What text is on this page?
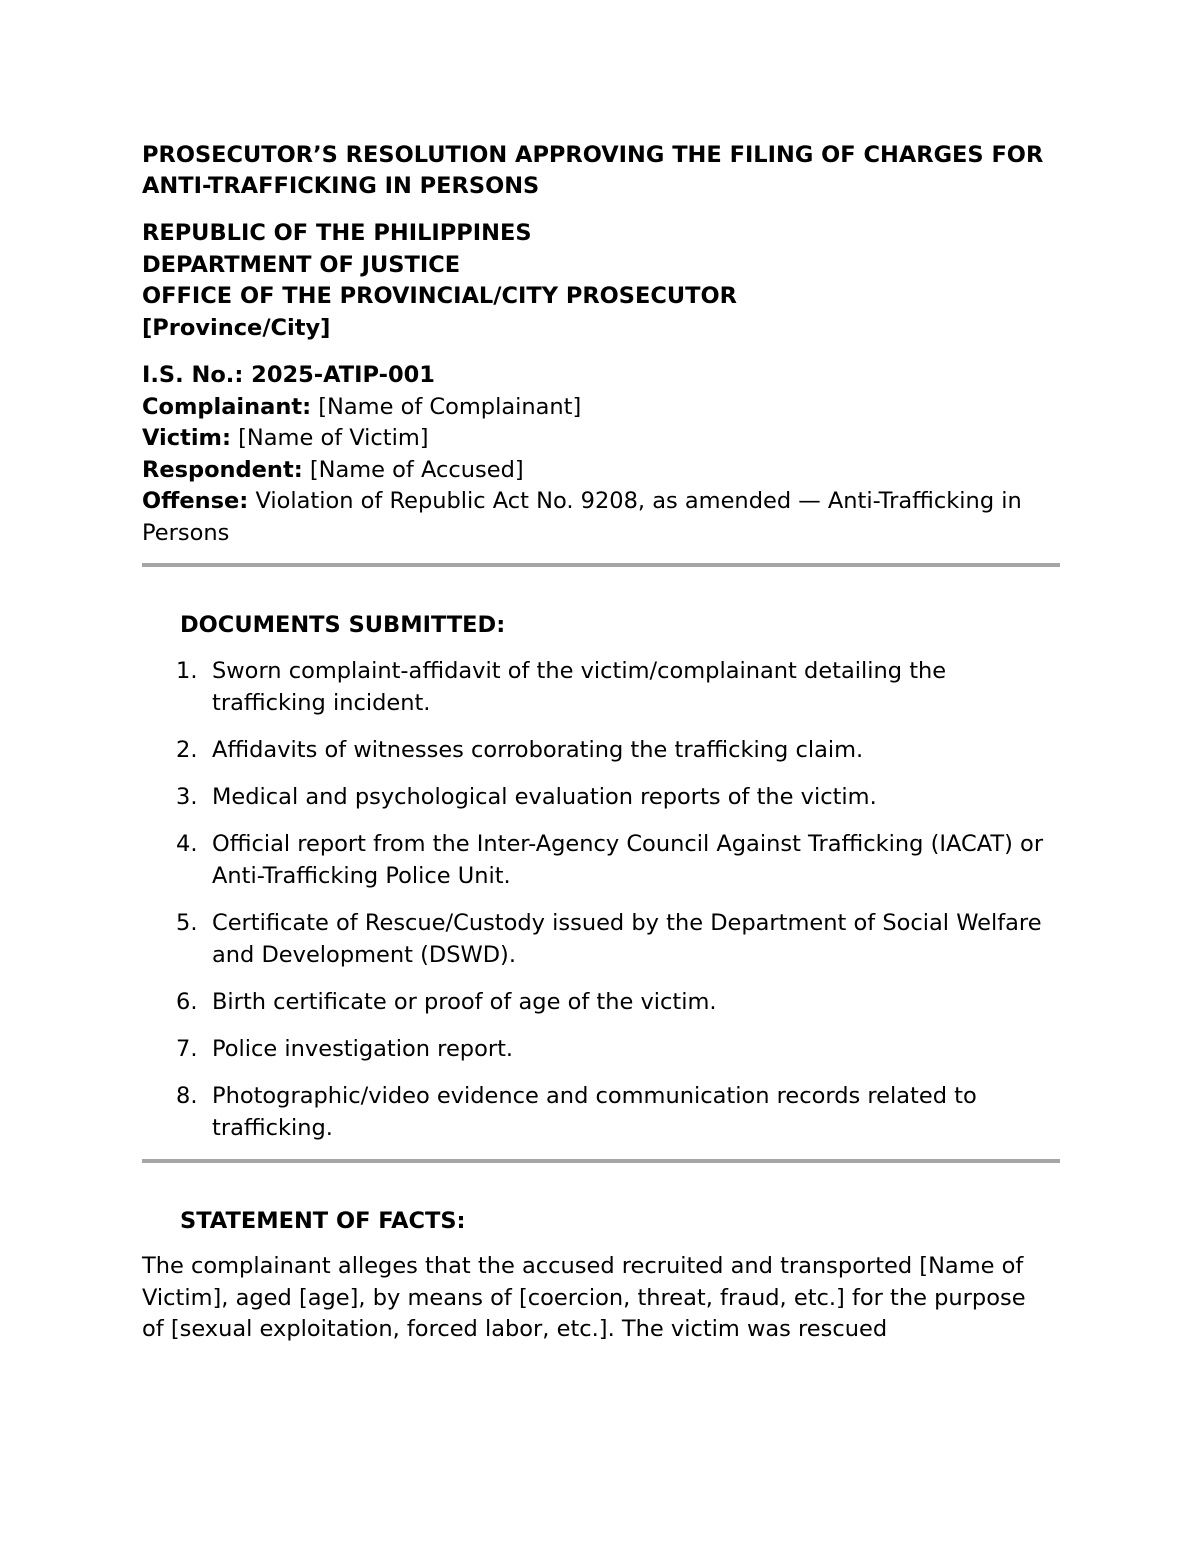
PROSECUTOR’S RESOLUTION APPROVING THE FILING OF CHARGES FOR ANTI-TRAFFICKING IN PERSONS
REPUBLIC OF THE PHILIPPINES
DEPARTMENT OF JUSTICE
OFFICE OF THE PROVINCIAL/CITY PROSECUTOR
[Province/City]
I.S. No.: 2025-ATIP-001
Complainant: [Name of Complainant]
Victim: [Name of Victim]
Respondent: [Name of Accused]
Offense: Violation of Republic Act No. 9208, as amended — Anti-Trafficking in Persons
DOCUMENTS SUBMITTED:
1. Sworn complaint-affidavit of the victim/complainant detailing the trafficking incident.
2. Affidavits of witnesses corroborating the trafficking claim.
3. Medical and psychological evaluation reports of the victim.
4. Official report from the Inter-Agency Council Against Trafficking (IACAT) or Anti-Trafficking Police Unit.
5. Certificate of Rescue/Custody issued by the Department of Social Welfare and Development (DSWD).
6. Birth certificate or proof of age of the victim.
7. Police investigation report.
8. Photographic/video evidence and communication records related to trafficking.
STATEMENT OF FACTS:
The complainant alleges that the accused recruited and transported [Name of Victim], aged [age], by means of [coercion, threat, fraud, etc.] for the purpose of [sexual exploitation, forced labor, etc.]. The victim was rescued
